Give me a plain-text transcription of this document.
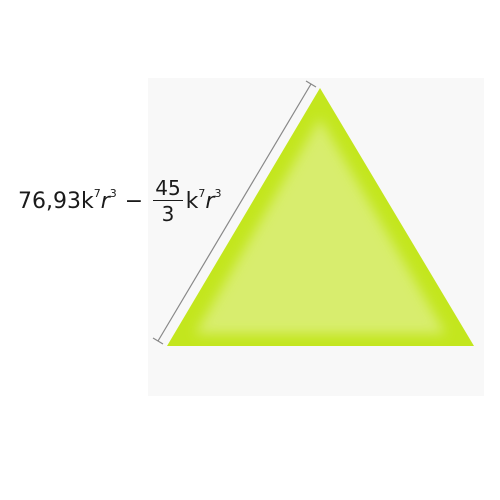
76,93 $k^7$ $r^3 - \frac{45}{3} k^7$ $r^3$
